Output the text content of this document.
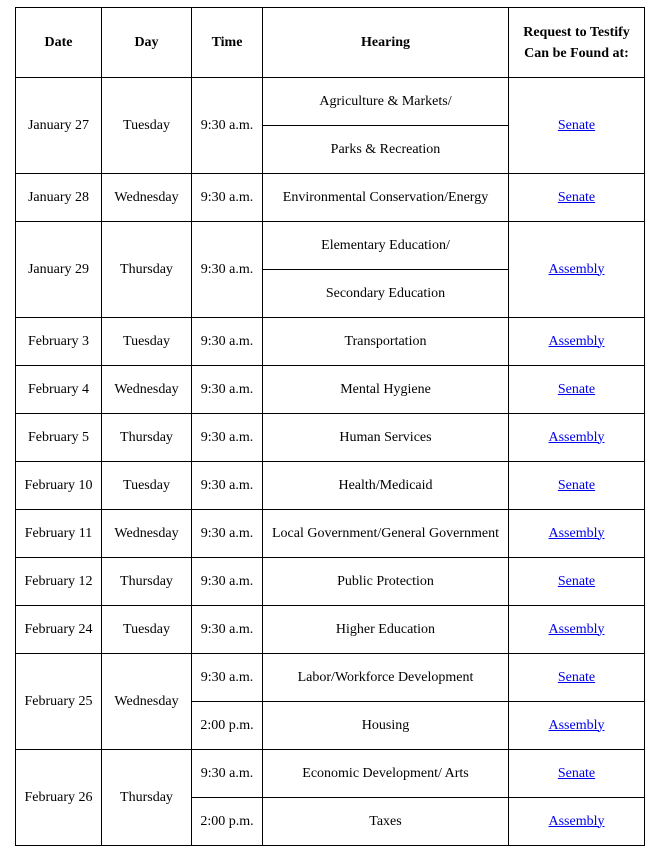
Date	Day	Time	Hearing	Request to Testify
Can be Found at:
January 27	Tuesday	9:30 a.m.	Agriculture & Markets/	Senate
			Parks & Recreation	
January 28	Wednesday	9:30 a.m.	Environmental Conservation/Energy	Senate
January 29	Thursday	9:30 a.m.	Elementary Education/	Assembly
			Secondary Education	
February 3	Tuesday	9:30 a.m.	Transportation	Assembly
February 4	Wednesday	9:30 a.m.	Mental Hygiene	Senate
February 5	Thursday	9:30 a.m.	Human Services	Assembly
February 10	Tuesday	9:30 a.m.	Health/Medicaid	Senate
February 11	Wednesday	9:30 a.m.	Local Government/General Government	Assembly
February 12	Thursday	9:30 a.m.	Public Protection	Senate
February 24	Tuesday	9:30 a.m.	Higher Education	Assembly
February 25	Wednesday	9:30 a.m.	Labor/Workforce Development	Senate
		2:00 p.m.	Housing	Assembly
February 26	Thursday	9:30 a.m.	Economic Development/ Arts	Senate
		2:00 p.m.	Taxes	Assembly
